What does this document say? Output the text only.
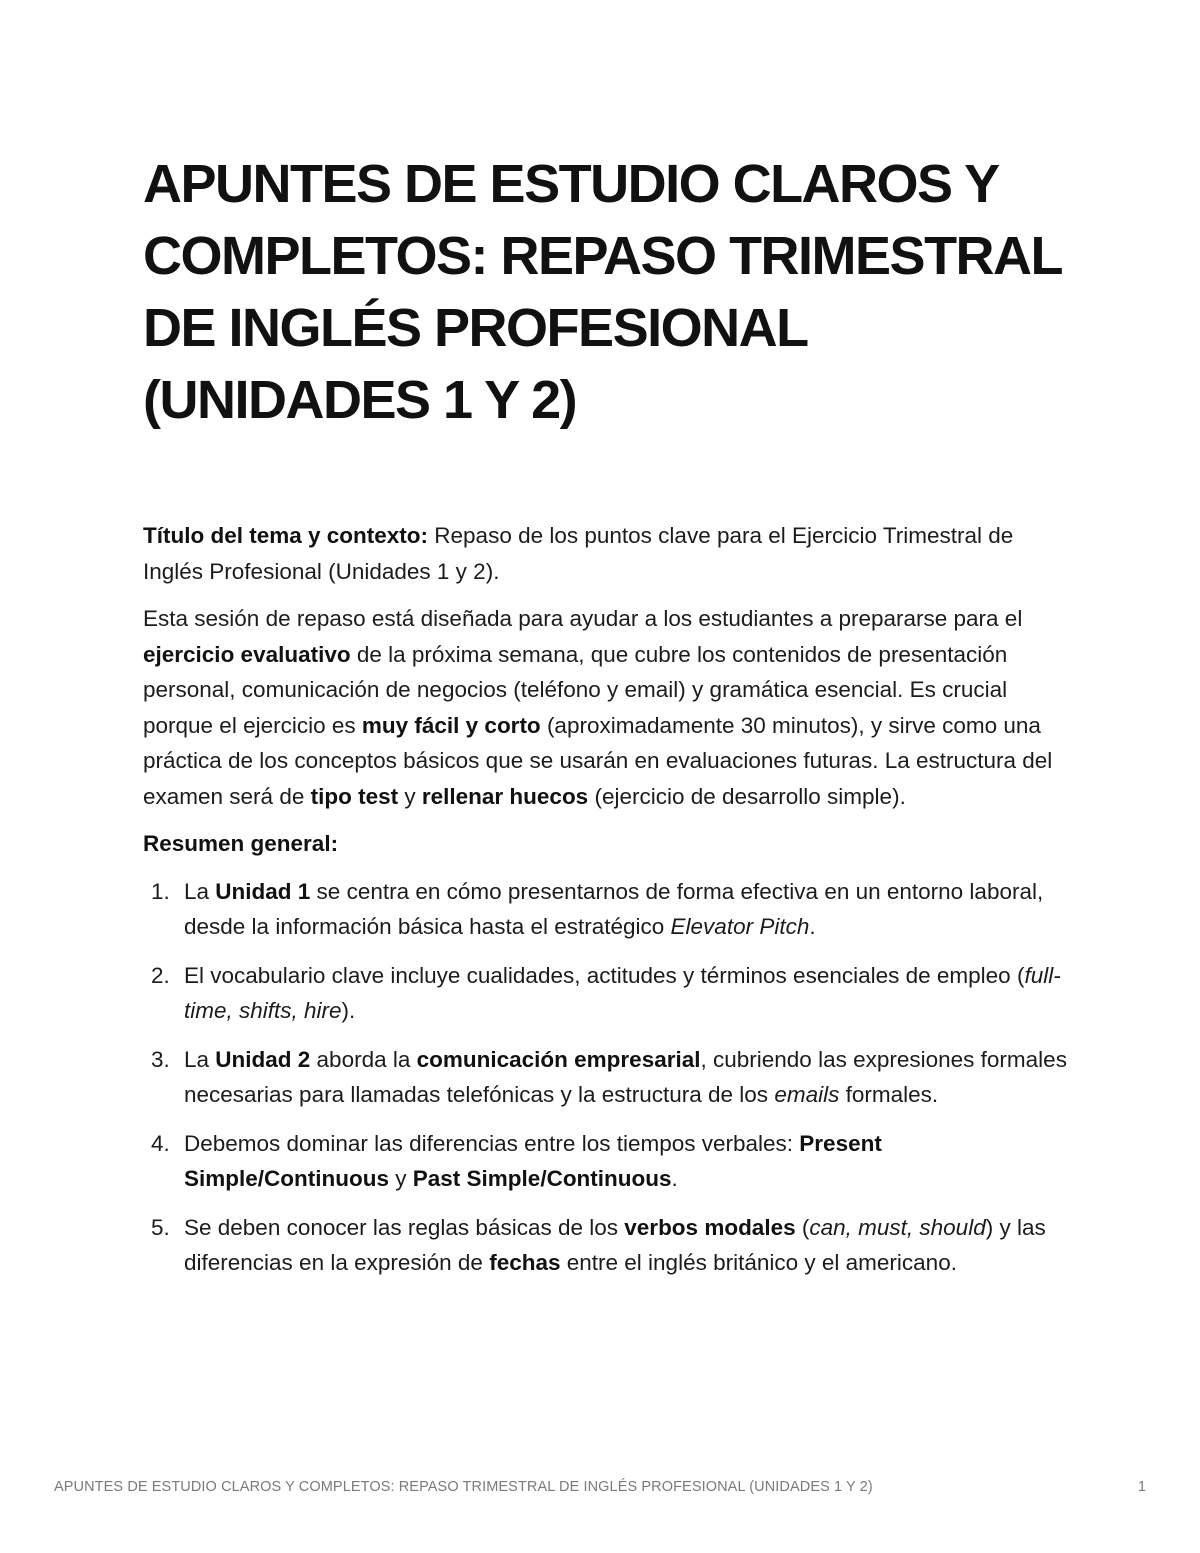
APUNTES DE ESTUDIO CLAROS Y COMPLETOS: REPASO TRIMESTRAL DE INGLÉS PROFESIONAL (UNIDADES 1 Y 2)

Título del tema y contexto: Repaso de los puntos clave para el Ejercicio Trimestral de Inglés Profesional (Unidades 1 y 2).

Esta sesión de repaso está diseñada para ayudar a los estudiantes a prepararse para el ejercicio evaluativo de la próxima semana, que cubre los contenidos de presentación personal, comunicación de negocios (teléfono y email) y gramática esencial. Es crucial porque el ejercicio es muy fácil y corto (aproximadamente 30 minutos), y sirve como una práctica de los conceptos básicos que se usarán en evaluaciones futuras. La estructura del examen será de tipo test y rellenar huecos (ejercicio de desarrollo simple).

Resumen general:

1. La Unidad 1 se centra en cómo presentarnos de forma efectiva en un entorno laboral, desde la información básica hasta el estratégico Elevator Pitch.
2. El vocabulario clave incluye cualidades, actitudes y términos esenciales de empleo (full-time, shifts, hire).
3. La Unidad 2 aborda la comunicación empresarial, cubriendo las expresiones formales necesarias para llamadas telefónicas y la estructura de los emails formales.
4. Debemos dominar las diferencias entre los tiempos verbales: Present Simple/Continuous y Past Simple/Continuous.
5. Se deben conocer las reglas básicas de los verbos modales (can, must, should) y las diferencias en la expresión de fechas entre el inglés británico y el americano.
APUNTES DE ESTUDIO CLAROS Y COMPLETOS: REPASO TRIMESTRAL DE INGLÉS PROFESIONAL (UNIDADES 1 Y 2)	1
